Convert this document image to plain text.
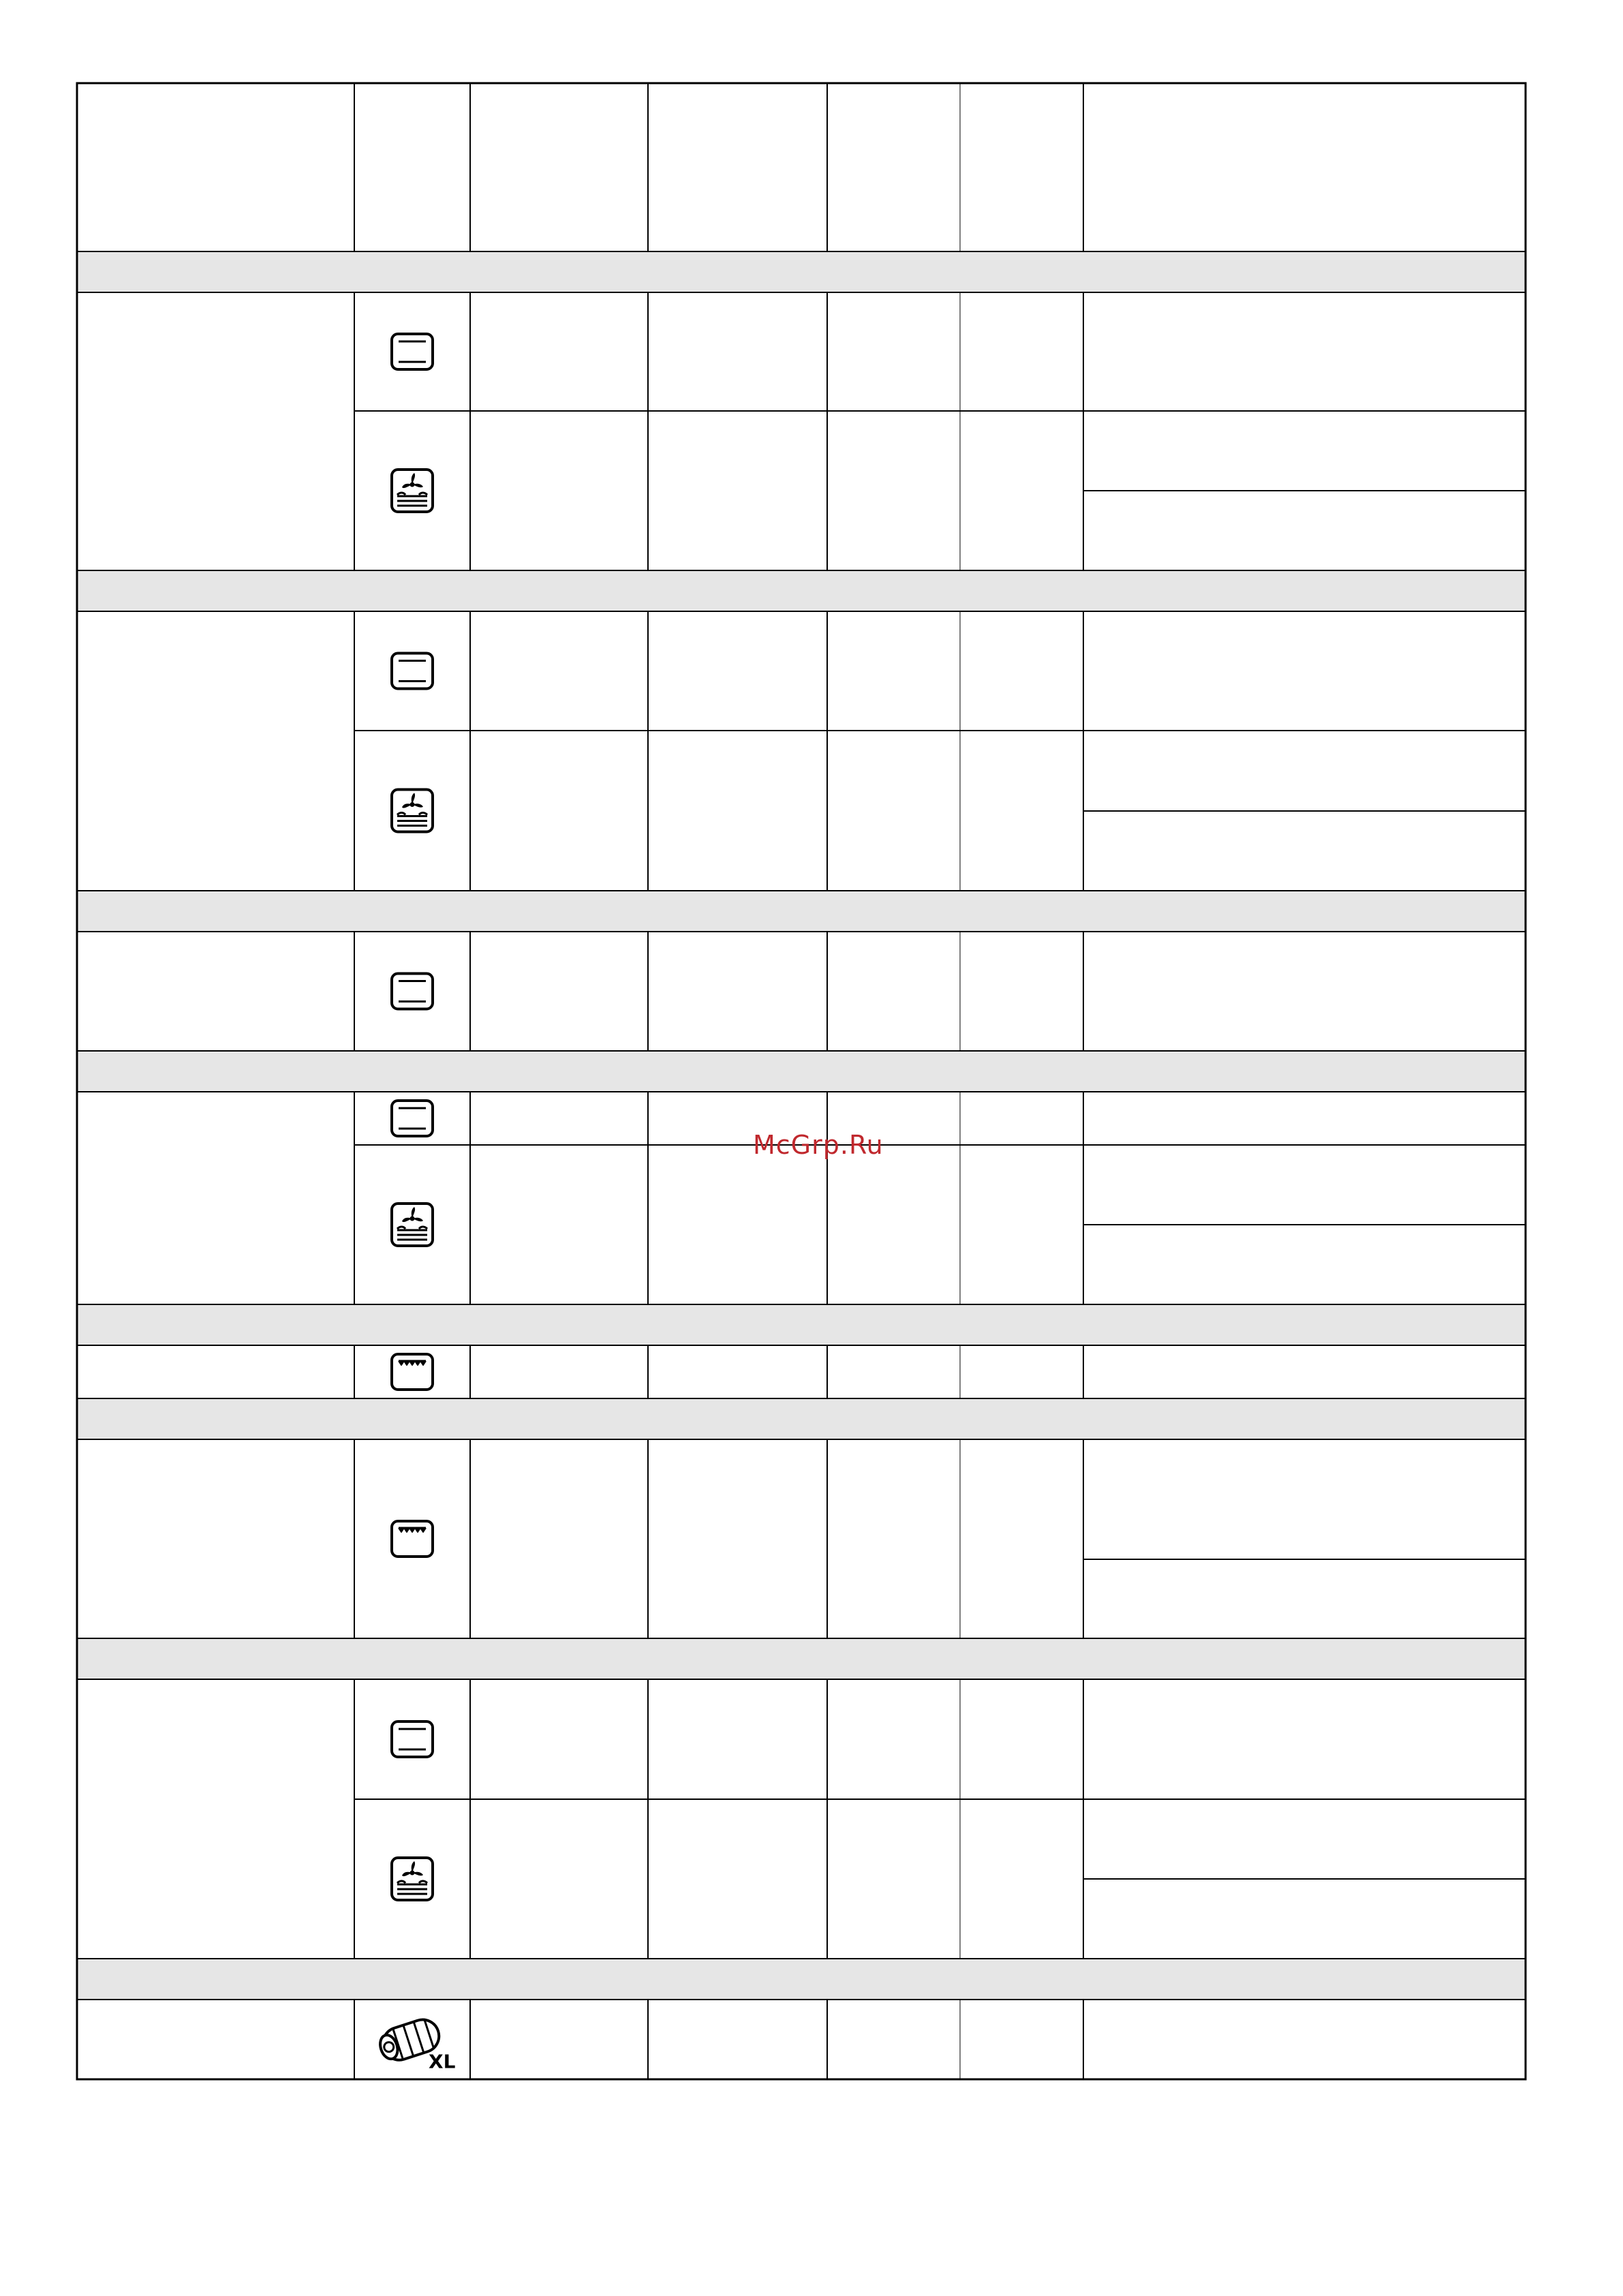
XL
McGrp.Ru
